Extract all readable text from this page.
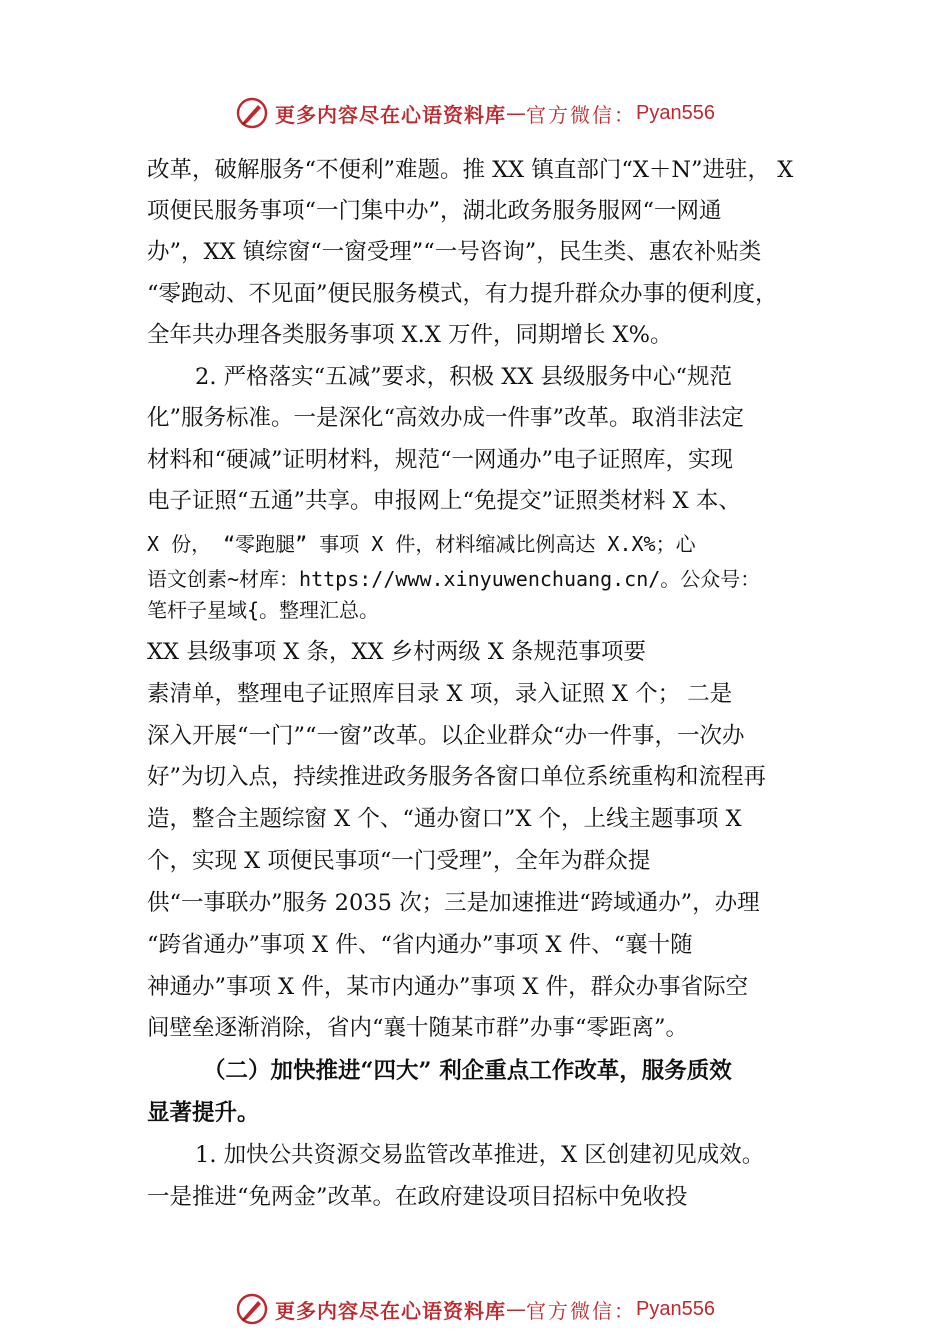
更多内容尽在心语资料库 — 官方微信： Pyan556
改革，破解服务“不便利”难题。推 XX 镇直部门“X＋N”进驻， X
项便民服务事项“一门集中办”，湖北政务服务服网“一网通
办”，XX 镇综窗“一窗受理”“一号咨询”，民生类、惠农补贴类
“零跑动、不见面”便民服务模式，有力提升群众办事的便利度，
全年共办理各类服务事项 X.X 万件，同期增长 X%。
2. 严格落实“五减”要求，积极 XX 县级服务中心“规范
化”服务标准。一是深化“高效办成一件事”改革。取消非法定
材料和“硬减”证明材料，规范“一网通办”电子证照库，实现
电子证照“五通”共享。申报网上“免提交”证照类材料 X 本、
X 份， “零跑腿” 事项 X 件，材料缩减比例高达 X.X%；心
语文创素~材库：https://www.xinyuwenchuang.cn/。公众号：
笔杆子星域{。整理汇总。
XX 县级事项 X 条，XX 乡村两级 X 条规范事项要
素清单，整理电子证照库目录 X 项，录入证照 X 个； 二是
深入开展“一门”“一窗”改革。以企业群众“办一件事，一次办
好”为切入点，持续推进政务服务各窗口单位系统重构和流程再
造，整合主题综窗 X 个、“通办窗口”X 个，上线主题事项 X
个，实现 X 项便民事项“一门受理”，全年为群众提
供“一事联办”服务 2035 次；三是加速推进“跨域通办”，办理
“跨省通办”事项 X 件、“省内通办”事项 X 件、“襄十随
神通办”事项 X 件，某市内通办”事项 X 件，群众办事省际空
间壁垒逐渐消除，省内“襄十随某市群”办事“零距离”。
（二）加快推进“四大” 利企重点工作改革，服务质效
显著提升。
1. 加快公共资源交易监管改革推进，X 区创建初见成效。
一是推进“免两金”改革。在政府建设项目招标中免收投
更多内容尽在心语资料库 — 官方微信： Pyan556
